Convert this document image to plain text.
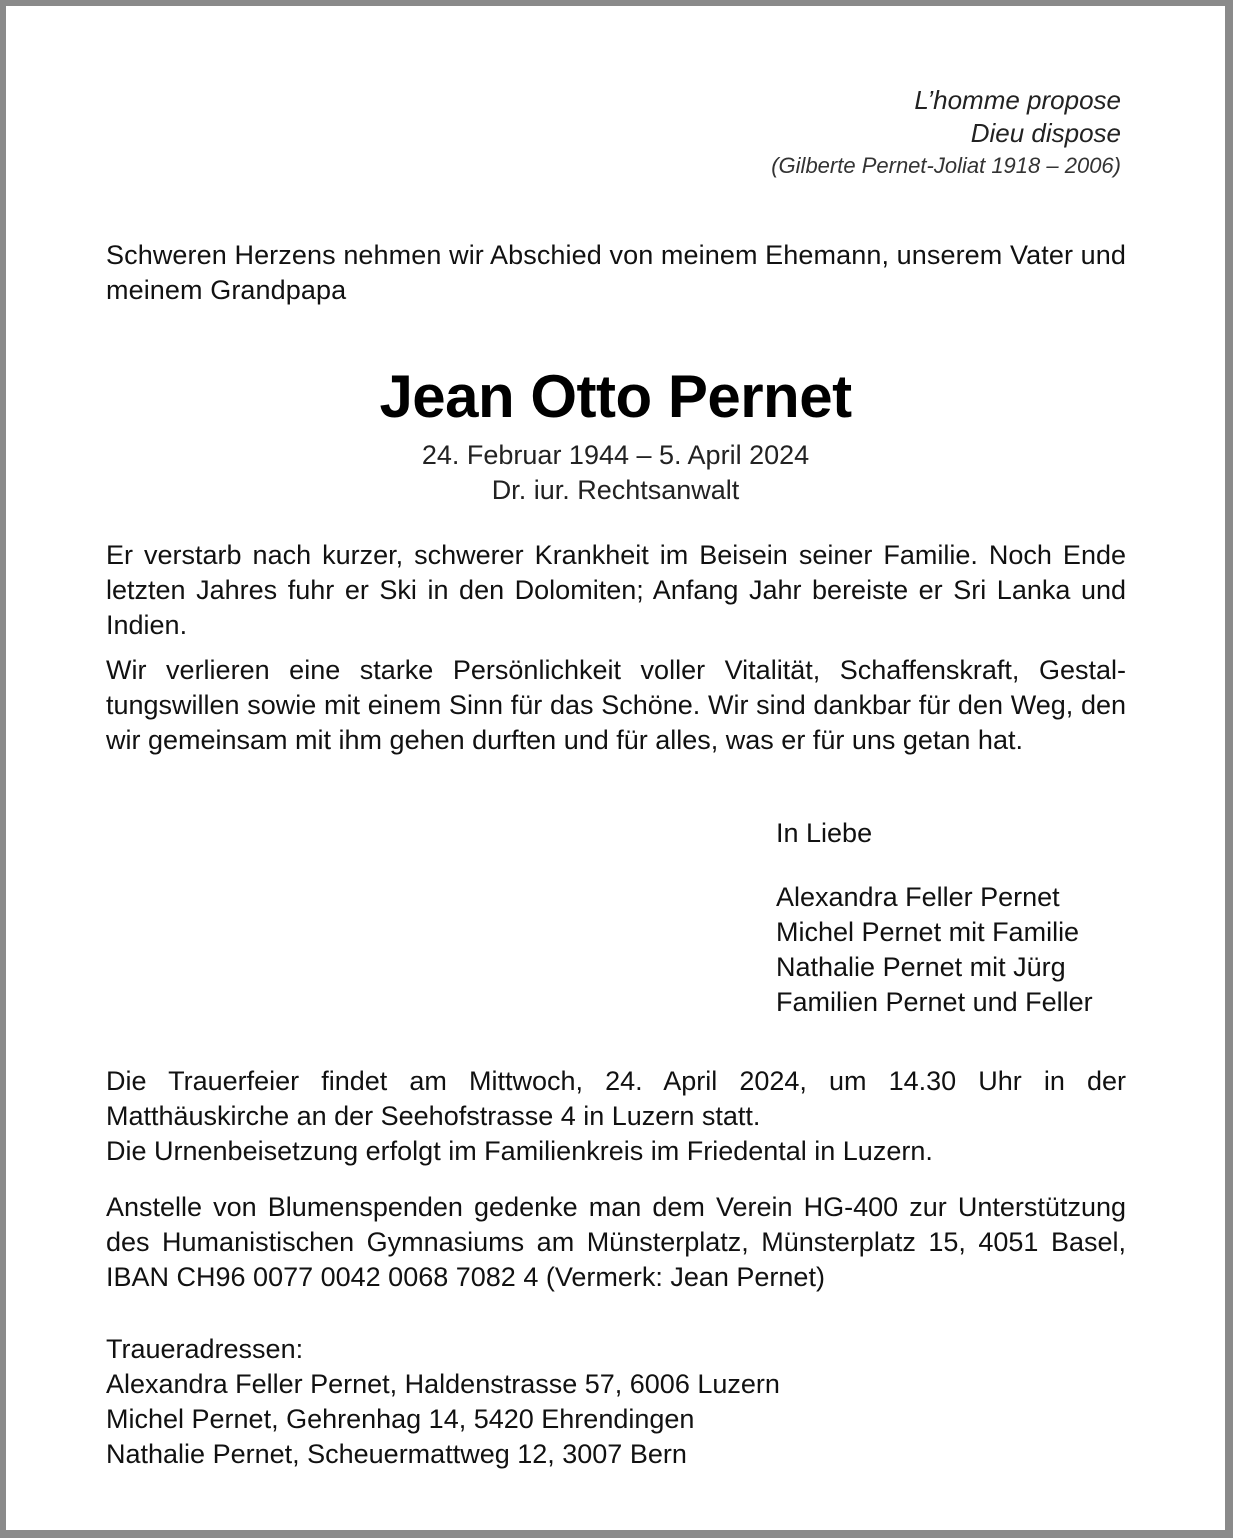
L’homme propose
Dieu dispose
(Gilberte Pernet-Joliat 1918 – 2006)

Schweren Herzens nehmen wir Abschied von meinem Ehemann, unserem Vater und meinem Grandpapa

Jean Otto Pernet
24. Februar 1944 – 5. April 2024
Dr. iur. Rechtsanwalt

Er verstarb nach kurzer, schwerer Krankheit im Beisein seiner Familie. Noch Ende letzten Jahres fuhr er Ski in den Dolomiten; Anfang Jahr bereiste er Sri Lanka und Indien.

Wir verlieren eine starke Persönlichkeit voller Vitalität, Schaffenskraft, Gestaltungswillen sowie mit einem Sinn für das Schöne. Wir sind dankbar für den Weg, den wir gemeinsam mit ihm gehen durften und für alles, was er für uns getan hat.

In Liebe
Alexandra Feller Pernet
Michel Pernet mit Familie
Nathalie Pernet mit Jürg
Familien Pernet und Feller

Die Trauerfeier findet am Mittwoch, 24. April 2024, um 14.30 Uhr in der Matthäuskirche an der Seehofstrasse 4 in Luzern statt.

Die Urnenbeisetzung erfolgt im Familienkreis im Friedental in Luzern.

Anstelle von Blumenspenden gedenke man dem Verein HG-400 zur Unterstützung des Humanistischen Gymnasiums am Münsterplatz, Münsterplatz 15, 4051 Basel, IBAN CH96 0077 0042 0068 7082 4 (Vermerk: Jean Pernet)

Traueradressen:
Alexandra Feller Pernet, Haldenstrasse 57, 6006 Luzern
Michel Pernet, Gehrenhag 14, 5420 Ehrendingen
Nathalie Pernet, Scheuermattweg 12, 3007 Bern
